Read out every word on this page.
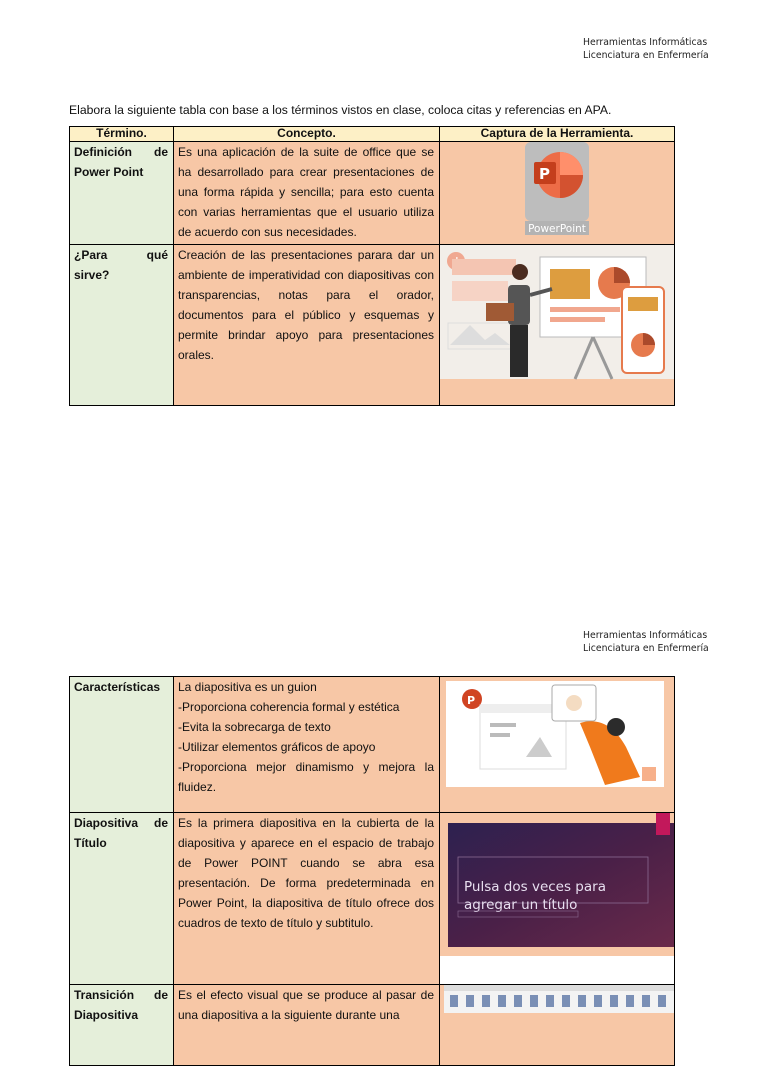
Herramientas Informáticas
Licenciatura en Enfermería
Elabora la siguiente tabla con base a los términos vistos en clase, coloca citas y referencias en APA.
Término.	Concepto.	Captura de la Herramienta.

Definición de
Power Point	Es una aplicación de la suite de office que se ha desarrollado para crear presentaciones de una forma rápida y sencilla; para esto cuenta con varias herramientas que el usuario utiliza de acuerdo con sus necesidades.	P
PowerPoint

¿Para qué
sirve?	Creación de las presentaciones parara dar un ambiente de imperatividad con diapositivas con transparencias, notas para el orador, documentos para el público y esquemas y permite brindar apoyo para presentaciones orales.	
Herramientas Informáticas
Licenciatura en Enfermería
Características	La diapositiva es un guion
-Proporciona coherencia formal y estética
-Evita la sobrecarga de texto
-Utilizar elementos gráficos de apoyo
-Proporciona mejor dinamismo y mejora la fluidez.	P

Diapositiva de
Título	Es la primera diapositiva en la cubierta de la diapositiva y aparece en el espacio de trabajo de Power POINT cuando se abra esa presentación. De forma predeterminada en Power Point, la diapositiva de título ofrece dos cuadros de texto de título y subtitulo.	Pulsa dos veces para agregar un título

Transición de
Diapositiva	Es el efecto visual que se produce al pasar de una diapositiva a la siguiente durante una	
